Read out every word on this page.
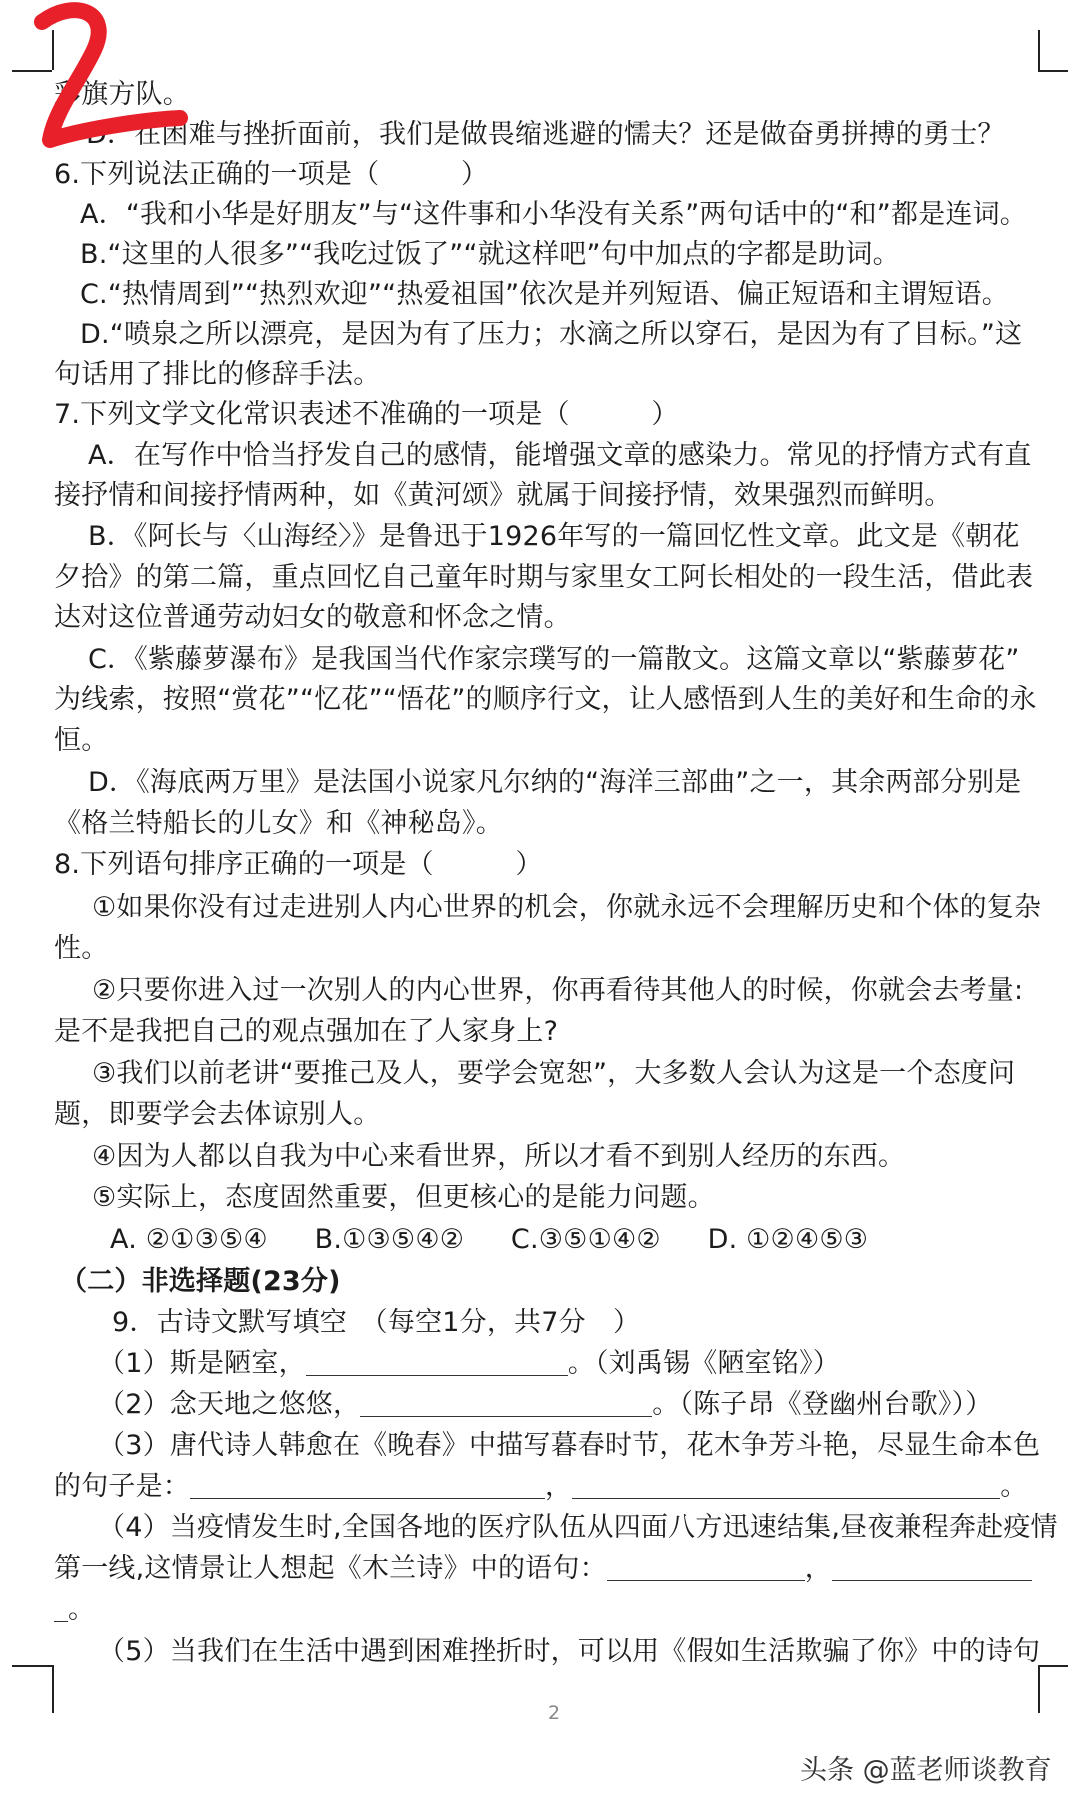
彩旗方队。
D．在困难与挫折面前，我们是做畏缩逃避的懦夫？还是做奋勇拼搏的勇士？
6.下列说法正确的一项是（　　　）
A．“我和小华是好朋友”与“这件事和小华没有关系”两句话中的“和”都是连词。
B.“这里的人很多”“我吃过饭了”“就这样吧”句中加点的字都是助词。
C.“热情周到”“热烈欢迎”“热爱祖国”依次是并列短语、偏正短语和主谓短语。
D.“喷泉之所以漂亮，是因为有了压力；水滴之所以穿石，是因为有了目标。”这
句话用了排比的修辞手法。
7.下列文学文化常识表述不准确的一项是（　　　）
A．在写作中恰当抒发自己的感情，能增强文章的感染力。常见的抒情方式有直
接抒情和间接抒情两种，如《黄河颂》就属于间接抒情，效果强烈而鲜明。
B．《阿长与〈山海经〉》是鲁迅于1926年写的一篇回忆性文章。此文是《朝花
夕拾》的第二篇，重点回忆自己童年时期与家里女工阿长相处的一段生活，借此表
达对这位普通劳动妇女的敬意和怀念之情。
C．《紫藤萝瀑布》是我国当代作家宗璞写的一篇散文。这篇文章以“紫藤萝花”
为线索，按照“赏花”“忆花”“悟花”的顺序行文，让人感悟到人生的美好和生命的永
恒。
D．《海底两万里》是法国小说家凡尔纳的“海洋三部曲”之一，其余两部分别是
《格兰特船长的儿女》和《神秘岛》。
8.下列语句排序正确的一项是（　　　）
①如果你没有过走进别人内心世界的机会，你就永远不会理解历史和个体的复杂
性。
②只要你进入过一次别人的内心世界，你再看待其他人的时候，你就会去考量:
是不是我把自己的观点强加在了人家身上?
③我们以前老讲“要推己及人，要学会宽恕”，大多数人会认为这是一个态度问
题，即要学会去体谅别人。
④因为人都以自我为中心来看世界，所以才看不到别人经历的东西。
⑤实际上，态度固然重要，但更核心的是能力问题。
A. ②①③⑤④ B.①③⑤④② C.③⑤①④② D. ①②④⑤③
（二）非选择题(23分)
9．古诗文默写填空　（每空1分，共7分　）
（1）斯是陋室，	。（刘禹锡《陋室铭》）
（2）念天地之悠悠，	。（陈子昂《登幽州台歌》））
（3）唐代诗人韩愈在《晚春》中描写暮春时节，花木争芳斗艳，尽显生命本色
的句子是：	，	。
（4）当疫情发生时,全国各地的医疗队伍从四面八方迅速结集,昼夜兼程奔赴疫情
第一线,这情景让人想起《木兰诗》中的语句：	，
。
（5）当我们在生活中遇到困难挫折时，可以用《假如生活欺骗了你》中的诗句
2
头条 @蓝老师谈教育
